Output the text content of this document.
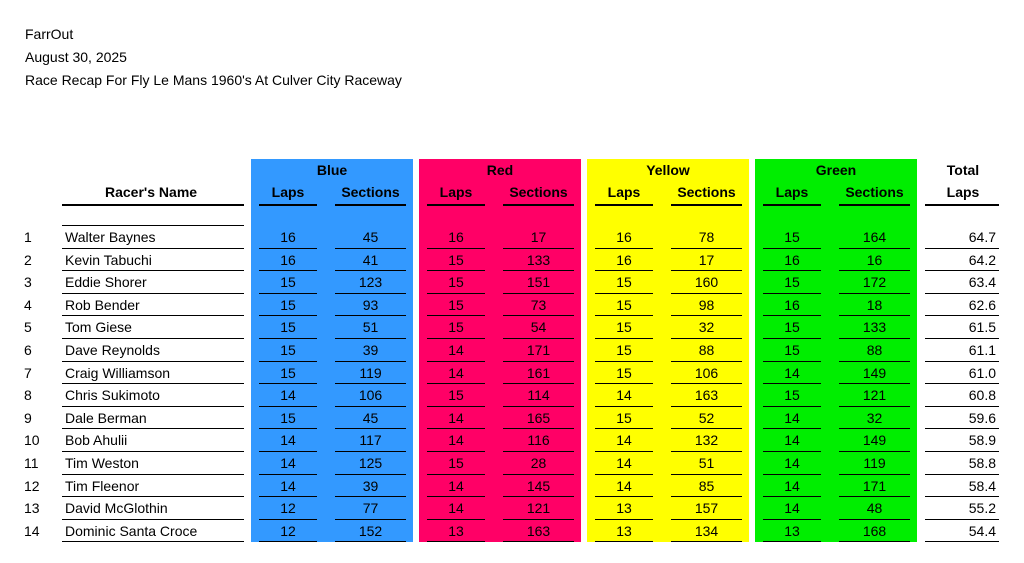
FarrOut
August 30, 2025
Race Recap For Fly Le Mans 1960's At Culver City Raceway
Blue
Laps	Sections
Red
Laps	Sections
Yellow
Laps	Sections
Green
Laps	Sections
Racer's Name
Total
Laps
1	Walter Baynes	16	45	16	17	16	78	15	164	64.7
2	Kevin Tabuchi	16	41	15	133	16	17	16	16	64.2
3	Eddie Shorer	15	123	15	151	15	160	15	172	63.4
4	Rob Bender	15	93	15	73	15	98	16	18	62.6
5	Tom Giese	15	51	15	54	15	32	15	133	61.5
6	Dave Reynolds	15	39	14	171	15	88	15	88	61.1
7	Craig Williamson	15	119	14	161	15	106	14	149	61.0
8	Chris Sukimoto	14	106	15	114	14	163	15	121	60.8
9	Dale Berman	15	45	14	165	15	52	14	32	59.6
10	Bob Ahulii	14	117	14	116	14	132	14	149	58.9
11	Tim Weston	14	125	15	28	14	51	14	119	58.8
12	Tim Fleenor	14	39	14	145	14	85	14	171	58.4
13	David McGlothin	12	77	14	121	13	157	14	48	55.2
14	Dominic Santa Croce	12	152	13	163	13	134	13	168	54.4
